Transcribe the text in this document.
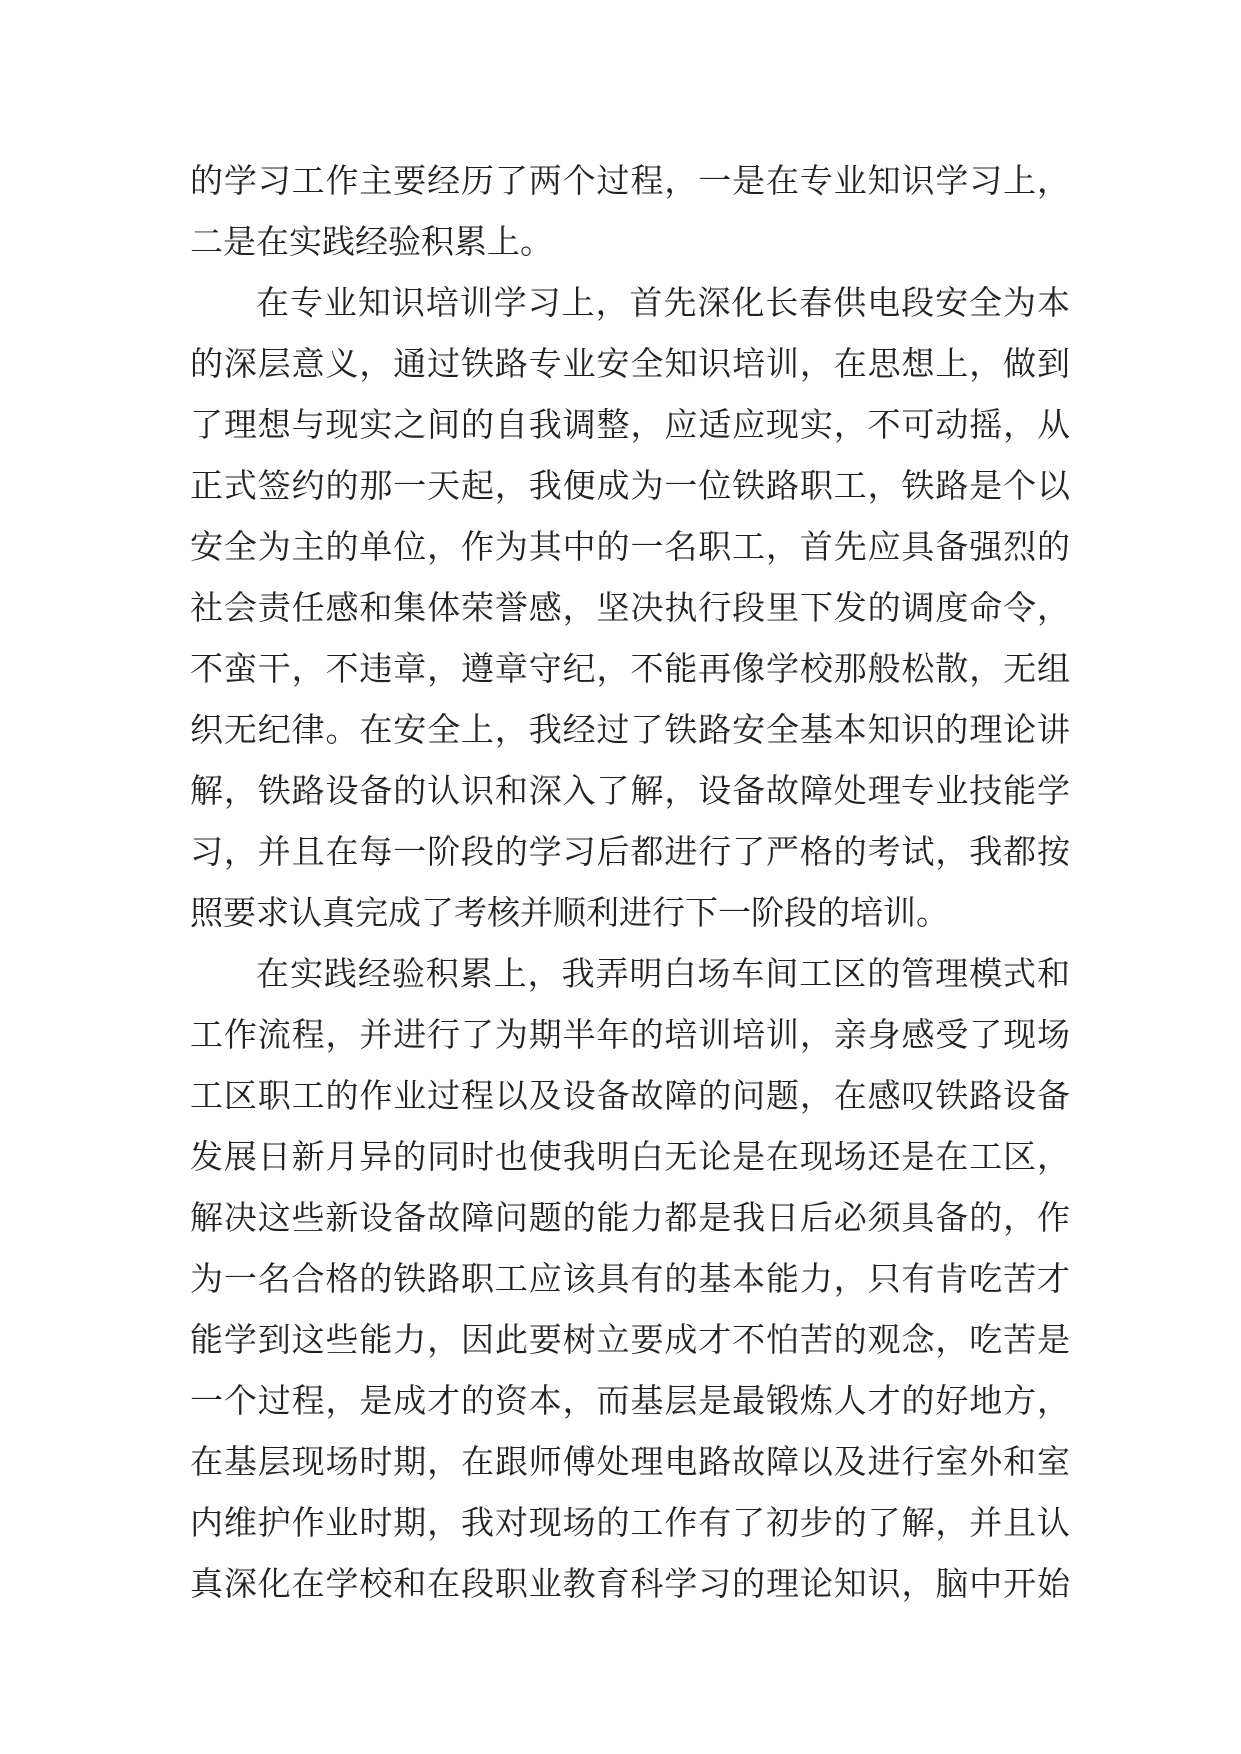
的学习工作主要经历了两个过程，一是在专业知识学习上，
二是在实践经验积累上。
在专业知识培训学习上，首先深化长春供电段安全为本
的深层意义，通过铁路专业安全知识培训，在思想上，做到
了理想与现实之间的自我调整，应适应现实，不可动摇，从
正式签约的那一天起，我便成为一位铁路职工，铁路是个以
安全为主的单位，作为其中的一名职工，首先应具备强烈的
社会责任感和集体荣誉感，坚决执行段里下发的调度命令，
不蛮干，不违章，遵章守纪，不能再像学校那般松散，无组
织无纪律。在安全上，我经过了铁路安全基本知识的理论讲
解，铁路设备的认识和深入了解，设备故障处理专业技能学
习，并且在每一阶段的学习后都进行了严格的考试，我都按
照要求认真完成了考核并顺利进行下一阶段的培训。
在实践经验积累上，我弄明白场车间工区的管理模式和
工作流程，并进行了为期半年的培训培训，亲身感受了现场
工区职工的作业过程以及设备故障的问题，在感叹铁路设备
发展日新月异的同时也使我明白无论是在现场还是在工区，
解决这些新设备故障问题的能力都是我日后必须具备的，作
为一名合格的铁路职工应该具有的基本能力，只有肯吃苦才
能学到这些能力，因此要树立要成才不怕苦的观念，吃苦是
一个过程，是成才的资本，而基层是最锻炼人才的好地方，
在基层现场时期，在跟师傅处理电路故障以及进行室外和室
内维护作业时期，我对现场的工作有了初步的了解，并且认
真深化在学校和在段职业教育科学习的理论知识，脑中开始
